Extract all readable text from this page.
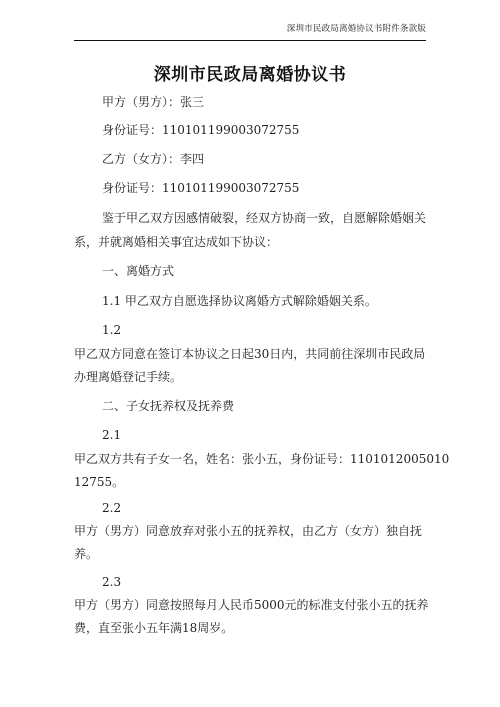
深圳市民政局离婚协议书附件条款版
深圳市民政局离婚协议书
甲方（男方）：张三
身份证号：110101199003072755
乙方（女方）：李四
身份证号：110101199003072755
鉴于甲乙双方因感情破裂，经双方协商一致，自愿解除婚姻关
系，并就离婚相关事宜达成如下协议：
一、离婚方式
1.1 甲乙双方自愿选择协议离婚方式解除婚姻关系。
1.2
甲乙双方同意在签订本协议之日起30日内，共同前往深圳市民政局
办理离婚登记手续。
二、子女抚养权及抚养费
2.1
甲乙双方共有子女一名，姓名：张小五，身份证号：1101012005010
12755。
2.2
甲方（男方）同意放弃对张小五的抚养权，由乙方（女方）独自抚
养。
2.3
甲方（男方）同意按照每月人民币5000元的标准支付张小五的抚养
费，直至张小五年满18周岁。
